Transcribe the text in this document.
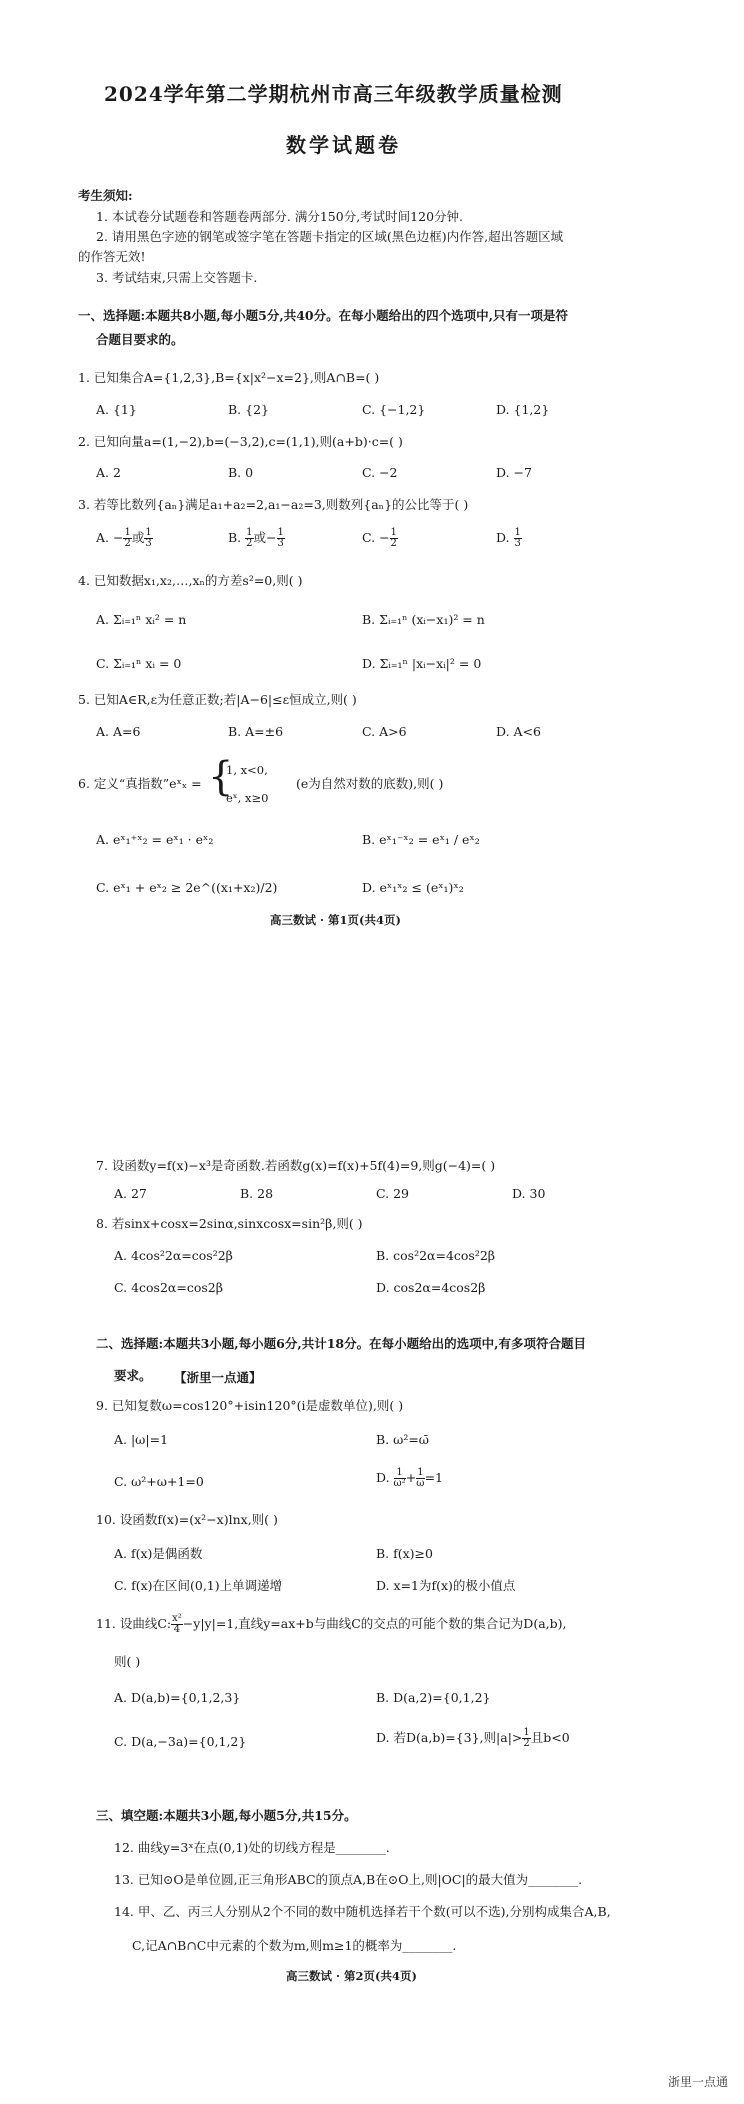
2024学年第二学期杭州市高三年级教学质量检测
数学试题卷
考生须知:
1. 本试卷分试题卷和答题卷两部分. 满分150分,考试时间120分钟.
2. 请用黑色字迹的钢笔或签字笔在答题卡指定的区域(黑色边框)内作答,超出答题区域
的作答无效!
3. 考试结束,只需上交答题卡.
一、选择题:本题共8小题,每小题5分,共40分。在每小题给出的四个选项中,只有一项是符
合题目要求的。
1. 已知集合A={1,2,3},B={x|x²−x=2},则A∩B=( )
A. {1}	B. {2}	C. {−1,2}	D. {1,2}
2. 已知向量a=(1,−2),b=(−3,2),c=(1,1),则(a+b)·c=( )
A. 2	B. 0	C. −2	D. −7
3. 若等比数列{aₙ}满足a₁+a₂=2,a₁−a₂=3,则数列{aₙ}的公比等于( )
A. − $\frac{1}{2}$ 或 $\frac{1}{3}$	B. $\frac{1}{2}$ 或− $\frac{1}{3}$	C. − $\frac{1}{2}$	D. $\frac{1}{3}$
4. 已知数据x₁,x₂,…,xₙ的方差s²=0,则( )
A. Σᵢ₌₁ⁿ xᵢ² = n	B. Σᵢ₌₁ⁿ (xᵢ−x₁)² = n
C. Σᵢ₌₁ⁿ xᵢ = 0	D. Σᵢ₌₁ⁿ |xᵢ−xᵢ|² = 0
5. 已知A∈R,ε为任意正数;若|A−6|≤ε恒成立,则( )
A. A=6	B. A=±6	C. A>6	D. A<6
6. 定义“真指数”eˣₓ = {
1, x<0,
eˣ, x≥0
(e为自然对数的底数),则( )
A. eˣ₁⁺ˣ₂ = eˣ₁ · eˣ₂	B. eˣ₁⁻ˣ₂ = eˣ₁ / eˣ₂
C. eˣ₁ + eˣ₂ ≥ 2e^((x₁+x₂)/2)	D. eˣ₁ˣ₂ ≤ (eˣ₁)ˣ₂
高三数试 · 第1页(共4页)
7. 设函数y=f(x)−x³是奇函数.若函数g(x)=f(x)+5f(4)=9,则g(−4)=( )
A. 27	B. 28	C. 29	D. 30
8. 若sinx+cosx=2sinα,sinxcosx=sin²β,则( )
A. 4cos²2α=cos²2β	B. cos²2α=4cos²2β
C. 4cos2α=cos2β	D. cos2α=4cos2β
二、选择题:本题共3小题,每小题6分,共计18分。在每小题给出的选项中,有多项符合题目
要求。 【浙里一点通】
9. 已知复数ω=cos120°+isin120°(i是虚数单位),则( )
A. |ω|=1	B. ω²=ω̄
C. ω²+ω+1=0	D. $\frac{1}{\text{ω²}} + \frac{1}{\omega} =1$
10. 设函数f(x)=(x²−x)lnx,则( )
A. f(x)是偶函数	B. f(x)≥0
C. f(x)在区间(0,1)上单调递增	D. x=1为f(x)的极小值点
11. 设曲线C: $\frac{\text{x²}}{4} -y|y|=1$,直线y=ax+b与曲线C的交点的可能个数的集合记为D(a,b),
则( )
A. D(a,b)={0,1,2,3}	B. D(a,2)={0,1,2}
C. D(a,−3a)={0,1,2}	D. 若D(a,b)={3},则$|a|> \frac{1}{2}$ 且b<0
三、填空题:本题共3小题,每小题5分,共15分。
12. 曲线y=3ˣ在点(0,1)处的切线方程是________.
13. 已知⊙O是单位圆,正三角形ABC的顶点A,B在⊙O上,则|OC|的最大值为________.
14. 甲、乙、丙三人分别从2个不同的数中随机选择若干个数(可以不选),分别构成集合A,B,
C,记A∩B∩C中元素的个数为m,则m≥1的概率为________.
高三数试 · 第2页(共4页)
浙里一点通
